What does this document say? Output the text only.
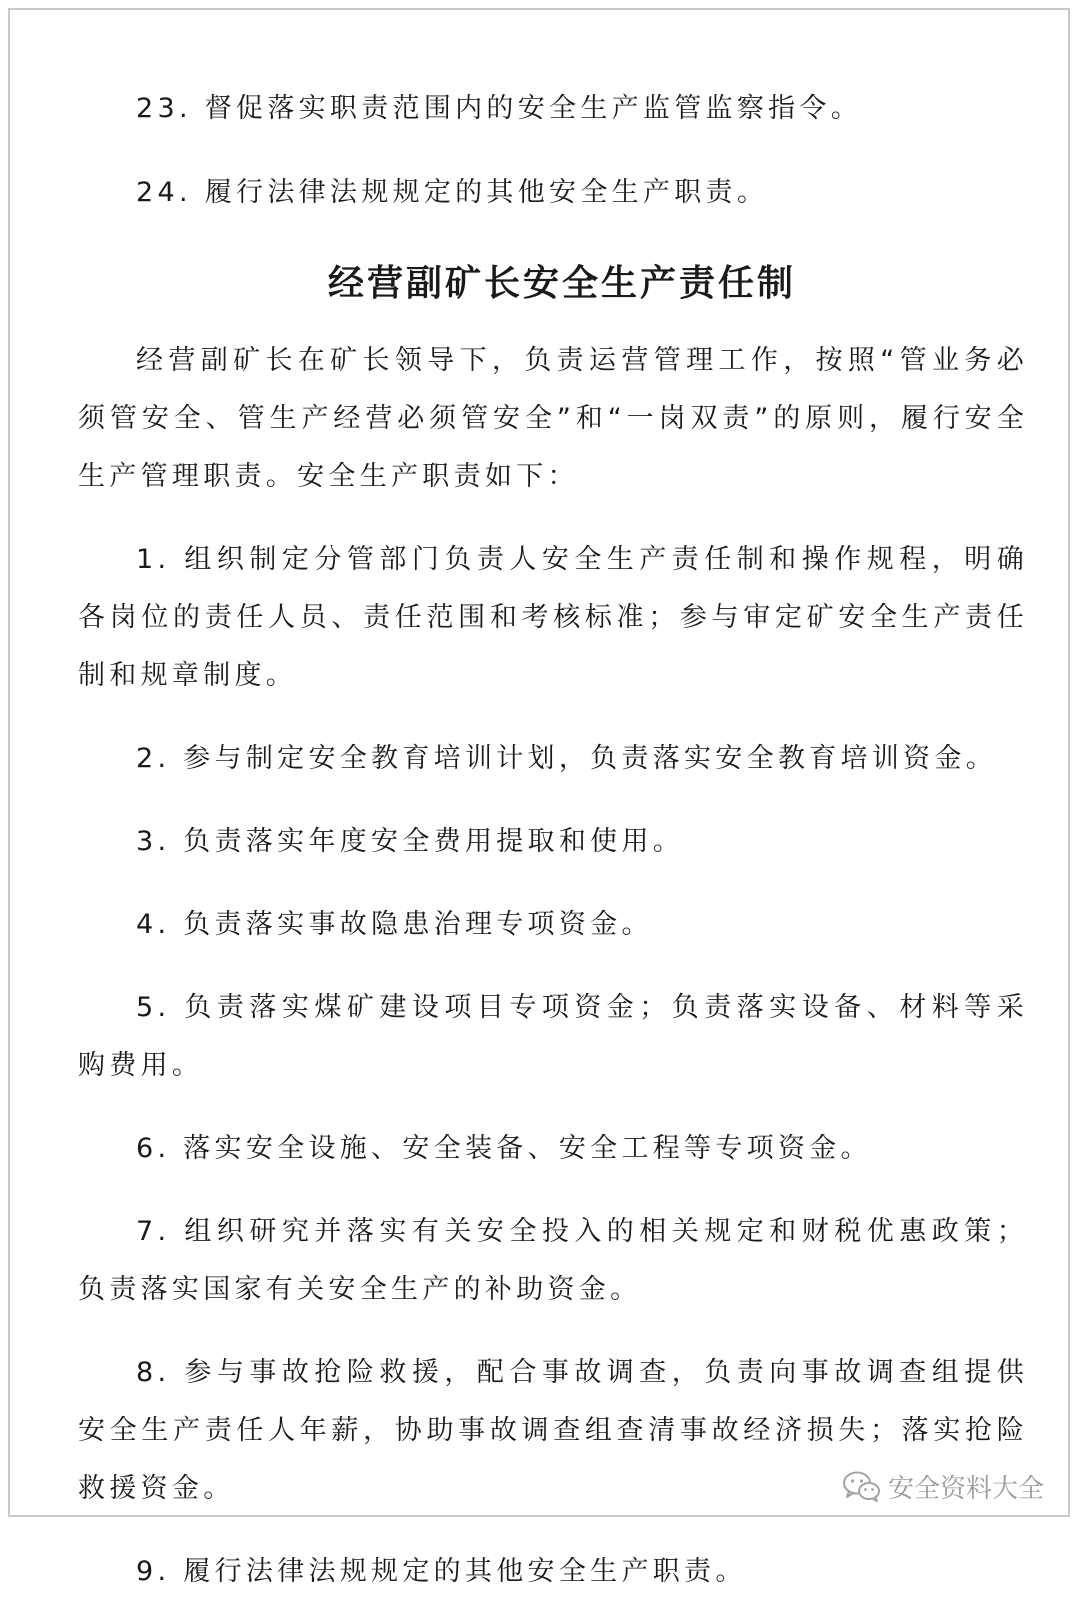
23. 督促落实职责范围内的安全生产监管监察指令。

24. 履行法律法规规定的其他安全生产职责。

经营副矿长安全生产责任制

经营副矿长在矿长领导下，负责运营管理工作，按照“管业务必须管安全、管生产经营必须管安全”和“一岗双责”的原则，履行安全生产管理职责。安全生产职责如下：

1. 组织制定分管部门负责人安全生产责任制和操作规程，明确各岗位的责任人员、责任范围和考核标准；参与审定矿安全生产责任制和规章制度。

2. 参与制定安全教育培训计划，负责落实安全教育培训资金。

3. 负责落实年度安全费用提取和使用。

4. 负责落实事故隐患治理专项资金。

5. 负责落实煤矿建设项目专项资金；负责落实设备、材料等采购费用。

6. 落实安全设施、安全装备、安全工程等专项资金。

7. 组织研究并落实有关安全投入的相关规定和财税优惠政策；负责落实国家有关安全生产的补助资金。

8. 参与事故抢险救援，配合事故调查，负责向事故调查组提供安全生产责任人年薪，协助事故调查组查清事故经济损失；落实抢险救援资金。

9. 履行法律法规规定的其他安全生产职责。

安全资料大全
